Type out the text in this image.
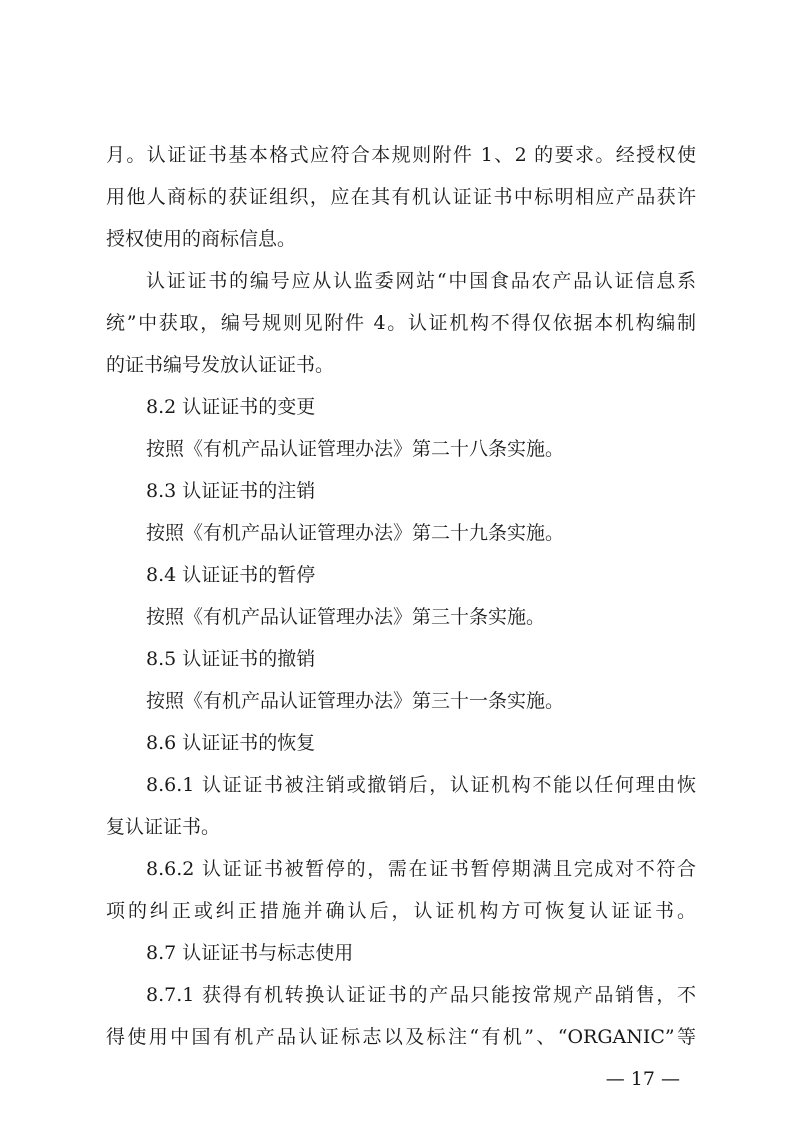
月。认证证书基本格式应符合本规则附件 1、2 的要求。经授权使
用他人商标的获证组织，应在其有机认证证书中标明相应产品获许
授权使用的商标信息。
认证证书的编号应从认监委网站“中国食品农产品认证信息系
统”中获取，编号规则见附件 4。认证机构不得仅依据本机构编制
的证书编号发放认证证书。
8.2 认证证书的变更
按照《有机产品认证管理办法》第二十八条实施。
8.3 认证证书的注销
按照《有机产品认证管理办法》第二十九条实施。
8.4 认证证书的暂停
按照《有机产品认证管理办法》第三十条实施。
8.5 认证证书的撤销
按照《有机产品认证管理办法》第三十一条实施。
8.6 认证证书的恢复
8.6.1 认证证书被注销或撤销后，认证机构不能以任何理由恢
复认证证书。
8.6.2 认证证书被暂停的，需在证书暂停期满且完成对不符合
项的纠正或纠正措施并确认后，认证机构方可恢复认证证书。
8.7 认证证书与标志使用
8.7.1 获得有机转换认证证书的产品只能按常规产品销售，不
得使用中国有机产品认证标志以及标注“有机”、“ORGANIC”等
— 17 —
